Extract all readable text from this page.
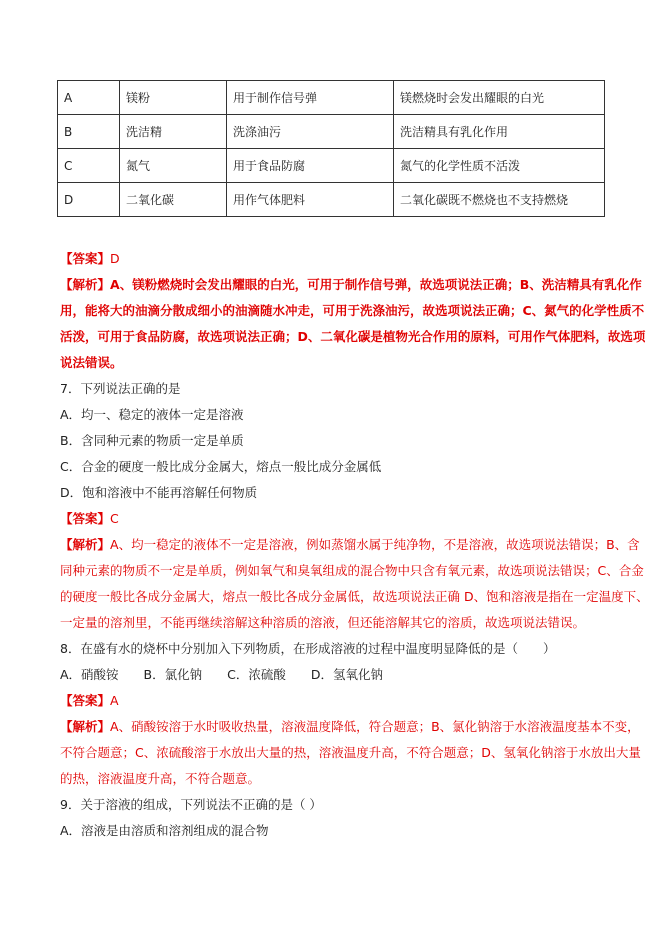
A	镁粉	用于制作信号弹	镁燃烧时会发出耀眼的白光
B	洗洁精	洗涤油污	洗洁精具有乳化作用
C	氮气	用于食品防腐	氮气的化学性质不活泼
D	二氧化碳	用作气体肥料	二氧化碳既不燃烧也不支持燃烧
【答案】D
【解析】A、镁粉燃烧时会发出耀眼的白光，可用于制作信号弹，故选项说法正确；B、洗洁精具有乳化作
用，能将大的油滴分散成细小的油滴随水冲走，可用于洗涤油污，故选项说法正确；C、氮气的化学性质不
活泼，可用于食品防腐，故选项说法正确；D、二氧化碳是植物光合作用的原料，可用作气体肥料，故选项
说法错误。
7．下列说法正确的是
A．均一、稳定的液体一定是溶液
B．含同种元素的物质一定是单质
C．合金的硬度一般比成分金属大，熔点一般比成分金属低
D．饱和溶液中不能再溶解任何物质
【答案】C
【解析】A、均一稳定的液体不一定是溶液，例如蒸馏水属于纯净物，不是溶液，故选项说法错误；B、含
同种元素的物质不一定是单质，例如氧气和臭氧组成的混合物中只含有氧元素，故选项说法错误；C、合金
的硬度一般比各成分金属大，熔点一般比各成分金属低，故选项说法正确 D、饱和溶液是指在一定温度下、
一定量的溶剂里，不能再继续溶解这种溶质的溶液，但还能溶解其它的溶质，故选项说法错误。
8．在盛有水的烧杯中分别加入下列物质，在形成溶液的过程中温度明显降低的是（　　）
A．硝酸铵　　B．氯化钠　　C．浓硫酸　　D．氢氧化钠
【答案】A
【解析】A、硝酸铵溶于水时吸收热量，溶液温度降低，符合题意；B、氯化钠溶于水溶液温度基本不变，
不符合题意；C、浓硫酸溶于水放出大量的热，溶液温度升高，不符合题意；D、氢氧化钠溶于水放出大量
的热，溶液温度升高，不符合题意。
9．关于溶液的组成，下列说法不正确的是（ ）
A．溶液是由溶质和溶剂组成的混合物
